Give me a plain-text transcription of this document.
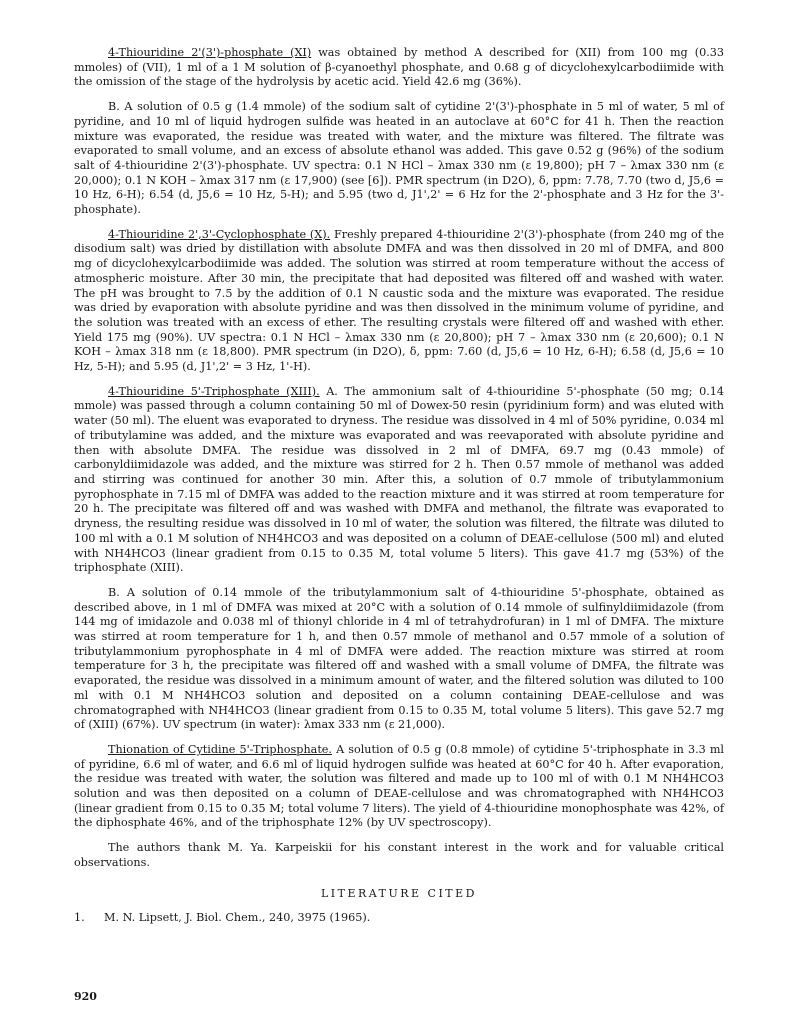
4-Thiouridine 2'(3')-phosphate (XI) was obtained by method A described for (XII) from 100 mg (0.33 mmoles) of (VII), 1 ml of a 1 M solution of β-cyanoethyl phosphate, and 0.68 g of dicyclohexylcarbodiimide with the omission of the stage of the hydrolysis by acetic acid. Yield 42.6 mg (36%).

B. A solution of 0.5 g (1.4 mmole) of the sodium salt of cytidine 2'(3')-phosphate in 5 ml of water, 5 ml of pyridine, and 10 ml of liquid hydrogen sulfide was heated in an autoclave at 60°C for 41 h. Then the reaction mixture was evaporated, the residue was treated with water, and the mixture was filtered. The filtrate was evaporated to small volume, and an excess of absolute ethanol was added. This gave 0.52 g (96%) of the sodium salt of 4-thiouridine 2'(3')-phosphate. UV spectra: 0.1 N HCl – λmax 330 nm (ε 19,800); pH 7 – λmax 330 nm (ε 20,000); 0.1 N KOH – λmax 317 nm (ε 17,900) (see [6]). PMR spectrum (in D2O), δ, ppm: 7.78, 7.70 (two d, J5,6 = 10 Hz, 6-H); 6.54 (d, J5,6 = 10 Hz, 5-H); and 5.95 (two d, J1',2' = 6 Hz for the 2'-phosphate and 3 Hz for the 3'-phosphate).

4-Thiouridine 2',3'-Cyclophosphate (X). Freshly prepared 4-thiouridine 2'(3')-phosphate (from 240 mg of the disodium salt) was dried by distillation with absolute DMFA and was then dissolved in 20 ml of DMFA, and 800 mg of dicyclohexylcarbodiimide was added. The solution was stirred at room temperature without the access of atmospheric moisture. After 30 min, the precipitate that had deposited was filtered off and washed with water. The pH was brought to 7.5 by the addition of 0.1 N caustic soda and the mixture was evaporated. The residue was dried by evaporation with absolute pyridine and was then dissolved in the minimum volume of pyridine, and the solution was treated with an excess of ether. The resulting crystals were filtered off and washed with ether. Yield 175 mg (90%). UV spectra: 0.1 N HCl – λmax 330 nm (ε 20,800); pH 7 – λmax 330 nm (ε 20,600); 0.1 N KOH – λmax 318 nm (ε 18,800). PMR spectrum (in D2O), δ, ppm: 7.60 (d, J5,6 = 10 Hz, 6-H); 6.58 (d, J5,6 = 10 Hz, 5-H); and 5.95 (d, J1',2' = 3 Hz, 1'-H).

4-Thiouridine 5'-Triphosphate (XIII). A. The ammonium salt of 4-thiouridine 5'-phosphate (50 mg; 0.14 mmole) was passed through a column containing 50 ml of Dowex-50 resin (pyridinium form) and was eluted with water (50 ml). The eluent was evaporated to dryness. The residue was dissolved in 4 ml of 50% pyridine, 0.034 ml of tributylamine was added, and the mixture was evaporated and was reevaporated with absolute pyridine and then with absolute DMFA. The residue was dissolved in 2 ml of DMFA, 69.7 mg (0.43 mmole) of carbonyldiimidazole was added, and the mixture was stirred for 2 h. Then 0.57 mmole of methanol was added and stirring was continued for another 30 min. After this, a solution of 0.7 mmole of tributylammonium pyrophosphate in 7.15 ml of DMFA was added to the reaction mixture and it was stirred at room temperature for 20 h. The precipitate was filtered off and was washed with DMFA and methanol, the filtrate was evaporated to dryness, the resulting residue was dissolved in 10 ml of water, the solution was filtered, the filtrate was diluted to 100 ml with a 0.1 M solution of NH4HCO3 and was deposited on a column of DEAE-cellulose (500 ml) and eluted with NH4HCO3 (linear gradient from 0.15 to 0.35 M, total volume 5 liters). This gave 41.7 mg (53%) of the triphosphate (XIII).

B. A solution of 0.14 mmole of the tributylammonium salt of 4-thiouridine 5'-phosphate, obtained as described above, in 1 ml of DMFA was mixed at 20°C with a solution of 0.14 mmole of sulfinyldiimidazole (from 144 mg of imidazole and 0.038 ml of thionyl chloride in 4 ml of tetrahydrofuran) in 1 ml of DMFA. The mixture was stirred at room temperature for 1 h, and then 0.57 mmole of methanol and 0.57 mmole of a solution of tributylammonium pyrophosphate in 4 ml of DMFA were added. The reaction mixture was stirred at room temperature for 3 h, the precipitate was filtered off and washed with a small volume of DMFA, the filtrate was evaporated, the residue was dissolved in a minimum amount of water, and the filtered solution was diluted to 100 ml with 0.1 M NH4HCO3 solution and deposited on a column containing DEAE-cellulose and was chromatographed with NH4HCO3 (linear gradient from 0.15 to 0.35 M, total volume 5 liters). This gave 52.7 mg of (XIII) (67%). UV spectrum (in water): λmax 333 nm (ε 21,000).

Thionation of Cytidine 5'-Triphosphate. A solution of 0.5 g (0.8 mmole) of cytidine 5'-triphosphate in 3.3 ml of pyridine, 6.6 ml of water, and 6.6 ml of liquid hydrogen sulfide was heated at 60°C for 40 h. After evaporation, the residue was treated with water, the solution was filtered and made up to 100 ml of with 0.1 M NH4HCO3 solution and was then deposited on a column of DEAE-cellulose and was chromatographed with NH4HCO3 (linear gradient from 0.15 to 0.35 M; total volume 7 liters). The yield of 4-thiouridine monophosphate was 42%, of the diphosphate 46%, and of the triphosphate 12% (by UV spectroscopy).

The authors thank M. Ya. Karpeiskii for his constant interest in the work and for valuable critical observations.

LITERATURE CITED
1.	M. N. Lipsett, J. Biol. Chem., 240, 3975 (1965).
920
